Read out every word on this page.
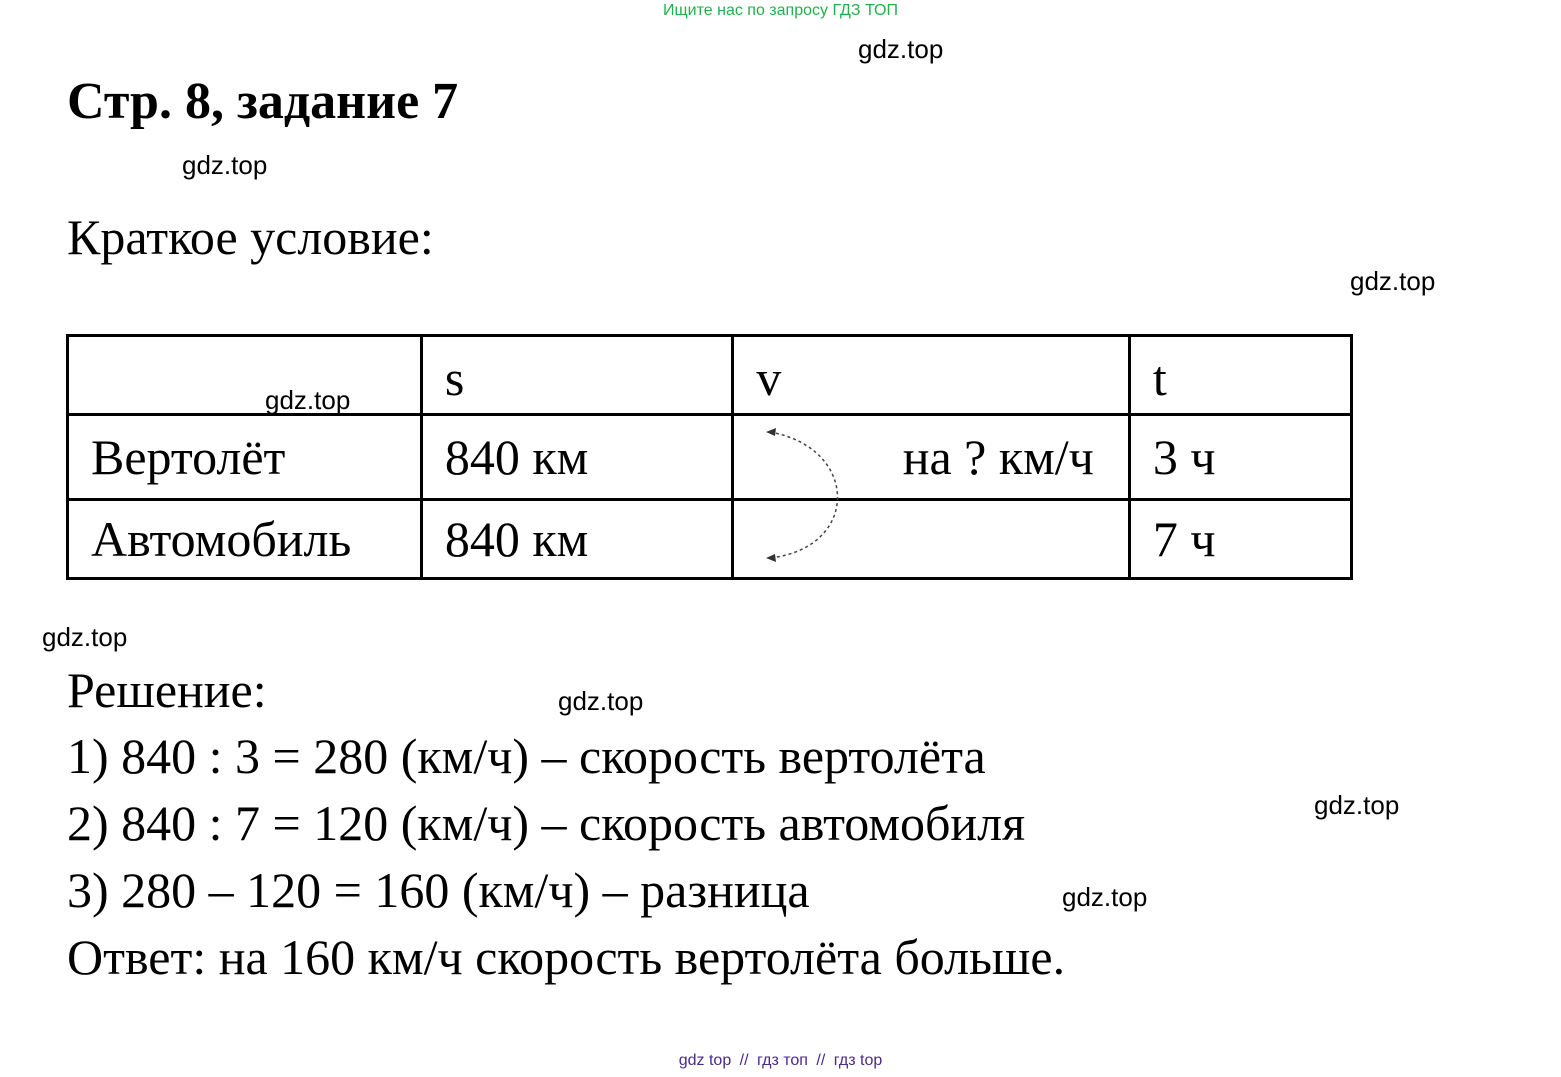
Ищите нас по запросу ГДЗ ТОП
gdz.top
gdz.top
gdz.top
gdz.top
gdz.top
gdz.top
gdz.top
Стр. 8, задание 7
Краткое условие:
gdz.top	s	v	t
Вертолёт	840 км	на ? км/ч	3 ч
Автомобиль	840 км		7 ч
Решение:
1) 840 : 3 = 280 (км/ч) – скорость вертолёта
2) 840 : 7 = 120 (км/ч) – скорость автомобиля
3) 280 – 120 = 160 (км/ч) – разница
Ответ: на 160 км/ч скорость вертолёта больше.
gdz top // гдз топ // гдз top
